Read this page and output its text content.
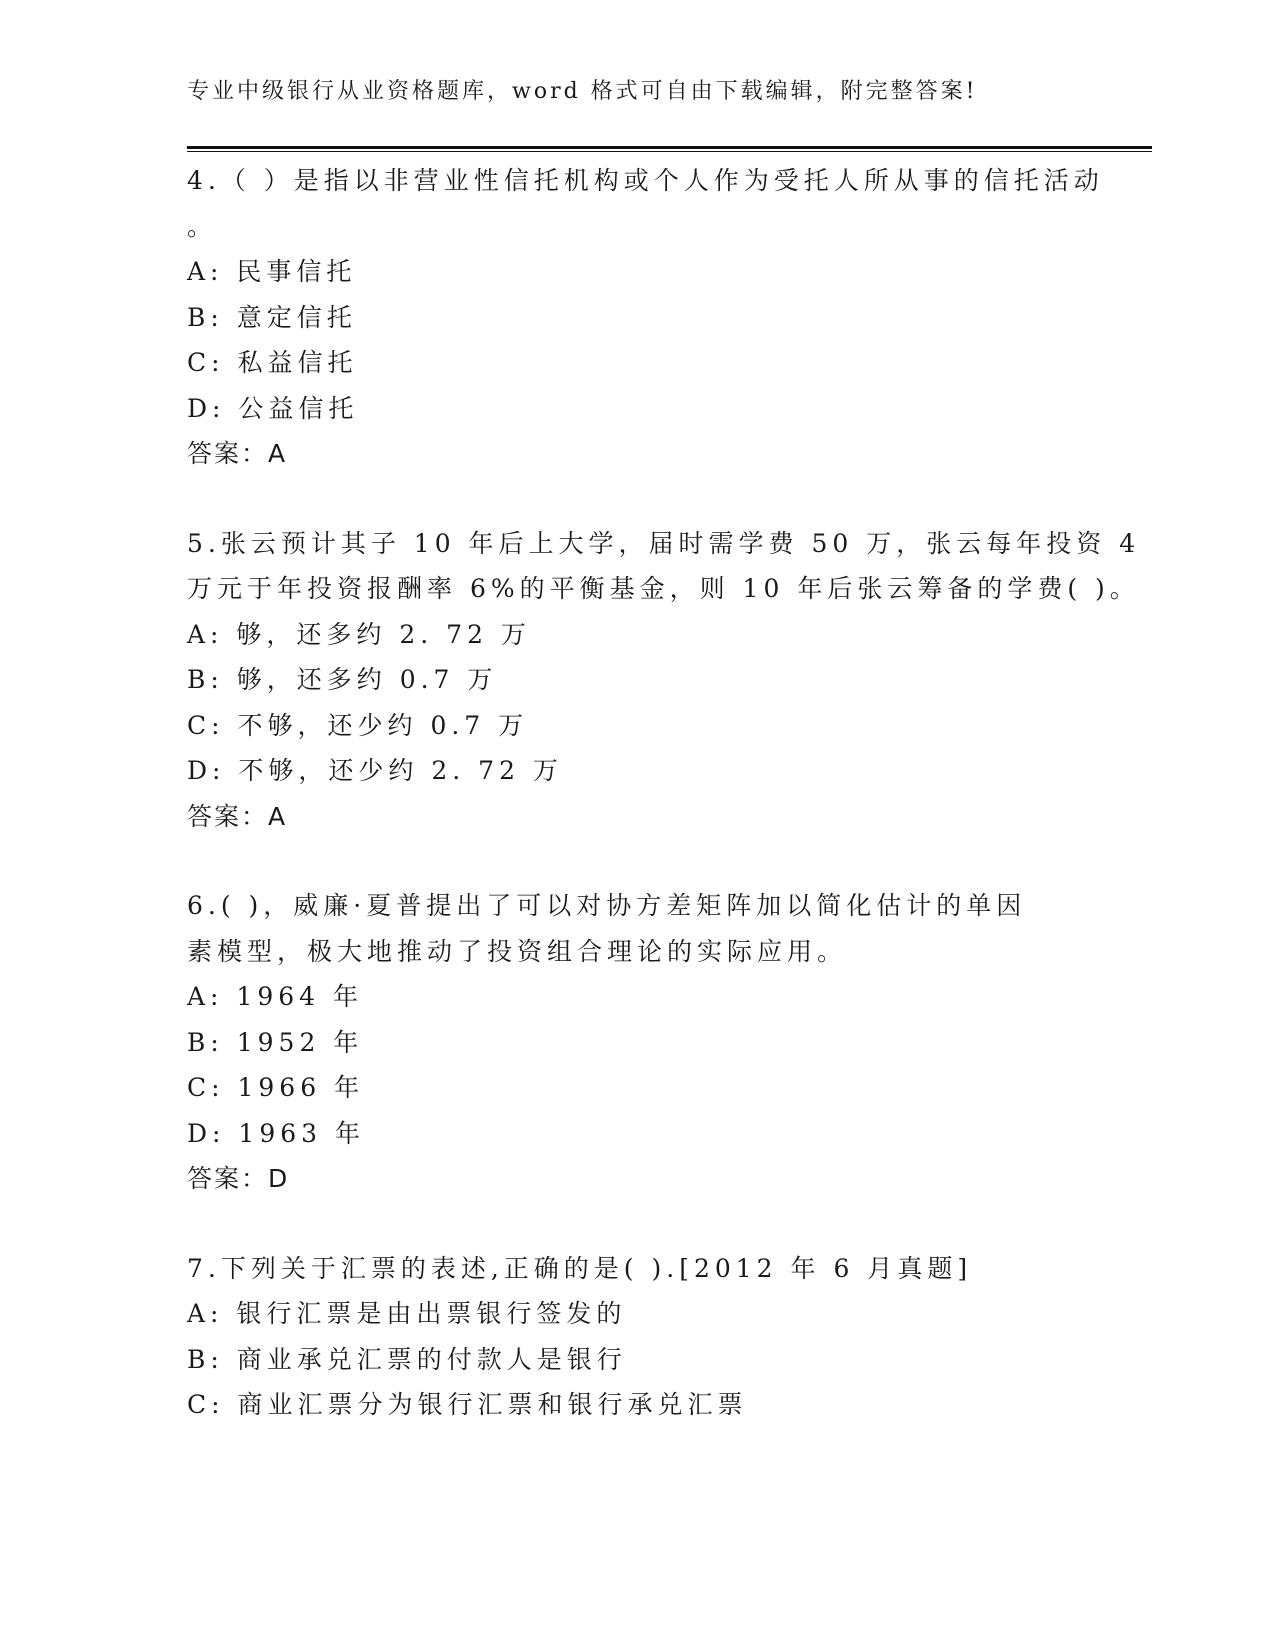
专业中级银行从业资格题库，word 格式可自由下载编辑，附完整答案!
4.（ ）是指以非营业性信托机构或个人作为受托人所从事的信托活动
。
A: 民事信托
B: 意定信托
C: 私益信托
D: 公益信托
答案：A
5.张云预计其子 10 年后上大学，届时需学费 50 万，张云每年投资 4
万元于年投资报酬率 6%的平衡基金，则 10 年后张云筹备的学费( )。
A: 够，还多约 2. 72 万
B: 够，还多约 0.7 万
C: 不够，还少约 0.7 万
D: 不够，还少约 2. 72 万
答案：A
6.( )，威廉·夏普提出了可以对协方差矩阵加以简化估计的单因
素模型，极大地推动了投资组合理论的实际应用。
A: 1964 年
B: 1952 年
C: 1966 年
D: 1963 年
答案：D
7.下列关于汇票的表述,正确的是( ).[2012 年 6 月真题]
A: 银行汇票是由出票银行签发的
B: 商业承兑汇票的付款人是银行
C: 商业汇票分为银行汇票和银行承兑汇票
